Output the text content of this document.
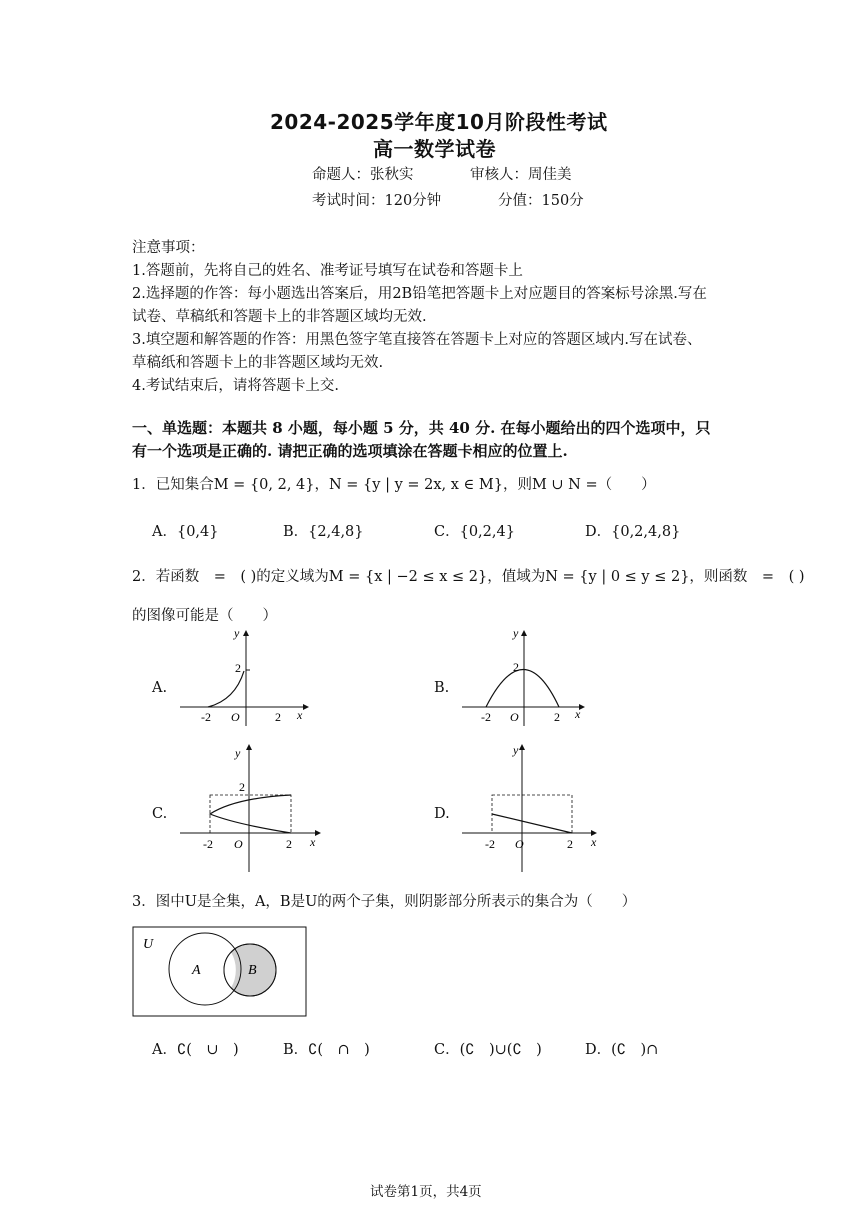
2024-2025学年度10月阶段性考试
高一数学试卷
命题人：张秋实	审核人：周佳美
考试时间：120分钟	分值：150分
注意事项：
1.答题前，先将自己的姓名、准考证号填写在试卷和答题卡上
2.选择题的作答：每小题选出答案后，用2B铅笔把答题卡上对应题目的答案标号涂黑.写在
试卷、草稿纸和答题卡上的非答题区域均无效.
3.填空题和解答题的作答：用黑色签字笔直接答在答题卡上对应的答题区域内.写在试卷、
草稿纸和答题卡上的非答题区域均无效.
4.考试结束后，请将答题卡上交.
一、单选题：本题共 8 小题，每小题 5 分，共 40 分. 在每小题给出的四个选项中，只
有一个选项是正确的. 请把正确的选项填涂在答题卡相应的位置上.
1．已知集合M = {0, 2, 4}，N = {y | y = 2x, x ∈ M}，则M ∪ N =（　　）
A．{0,4}	B．{2,4,8}	C．{0,2,4}	D．{0,2,4,8}
2．若函数　=　( )的定义域为M = {x | −2 ≤ x ≤ 2}，值域为N = {y | 0 ≤ y ≤ 2}，则函数　=　( )
的图像可能是（　　）
A.	B.
C.	D.
y
2
-2 O	2 x
y
2
-2 O	2 x
y
2
-2 O	2 x
y
-2 O	2 x
3．图中U是全集，A，B是U的两个子集，则阴影部分所表示的集合为（　　）
U
A	B
A．∁(　∪　)	B．∁(　∩　)	C．(∁　)∪(∁　)	D．(∁　)∩
试卷第1页，共4页
